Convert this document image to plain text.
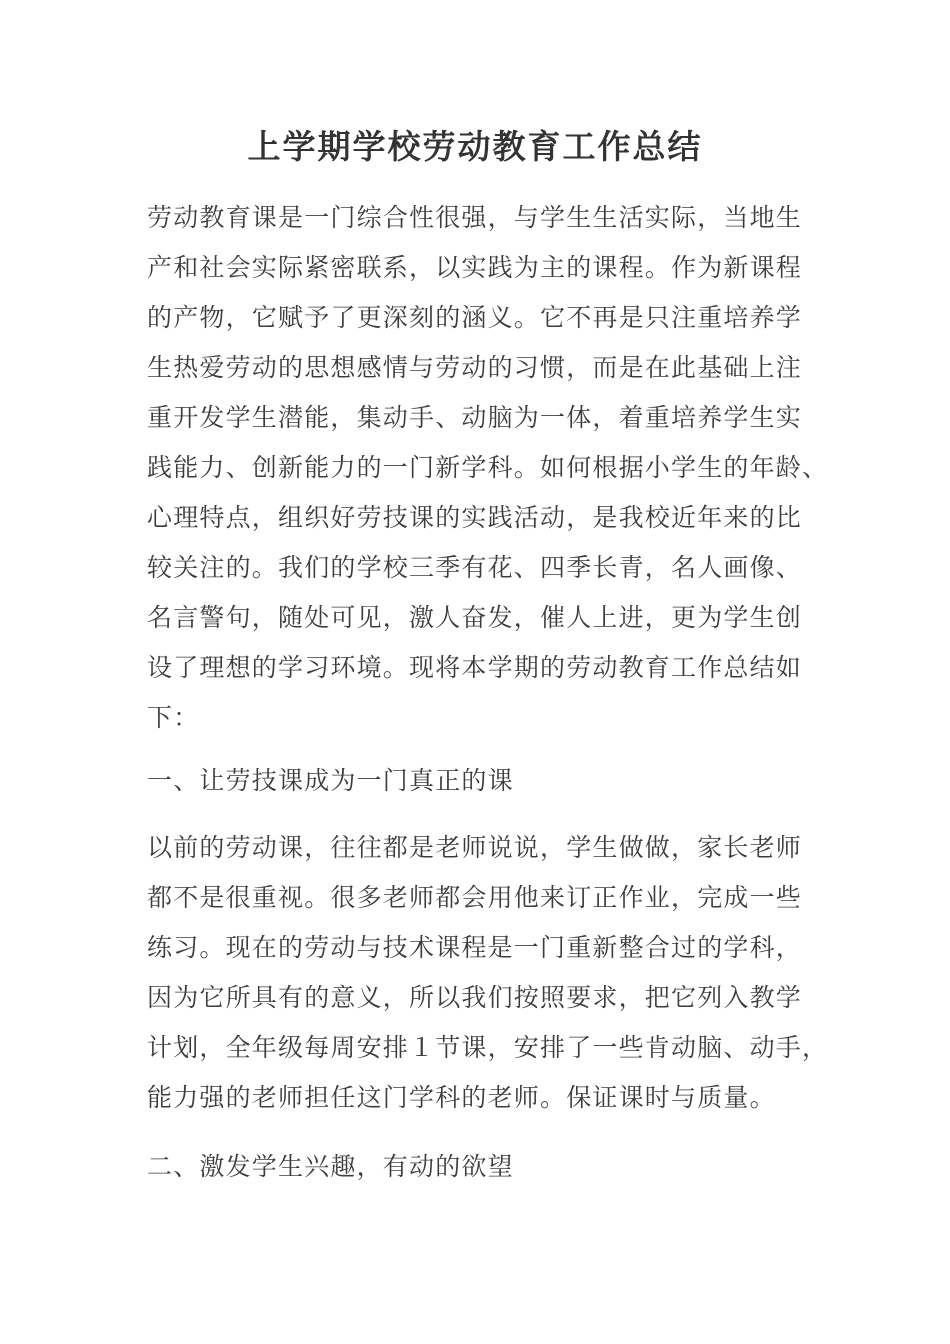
上学期学校劳动教育工作总结

劳动教育课是一门综合性很强，与学生生活实际，当地生
产和社会实际紧密联系，以实践为主的课程。作为新课程
的产物，它赋予了更深刻的涵义。它不再是只注重培养学
生热爱劳动的思想感情与劳动的习惯，而是在此基础上注
重开发学生潜能，集动手、动脑为一体，着重培养学生实
践能力、创新能力的一门新学科。如何根据小学生的年龄、
心理特点，组织好劳技课的实践活动，是我校近年来的比
较关注的。我们的学校三季有花、四季长青，名人画像、
名言警句，随处可见，激人奋发，催人上进，更为学生创
设了理想的学习环境。现将本学期的劳动教育工作总结如
下：

一、让劳技课成为一门真正的课

以前的劳动课，往往都是老师说说，学生做做，家长老师
都不是很重视。很多老师都会用他来订正作业，完成一些
练习。现在的劳动与技术课程是一门重新整合过的学科，
因为它所具有的意义，所以我们按照要求，把它列入教学
计划，全年级每周安排１节课，安排了一些肯动脑、动手，
能力强的老师担任这门学科的老师。保证课时与质量。

二、激发学生兴趣，有动的欲望
